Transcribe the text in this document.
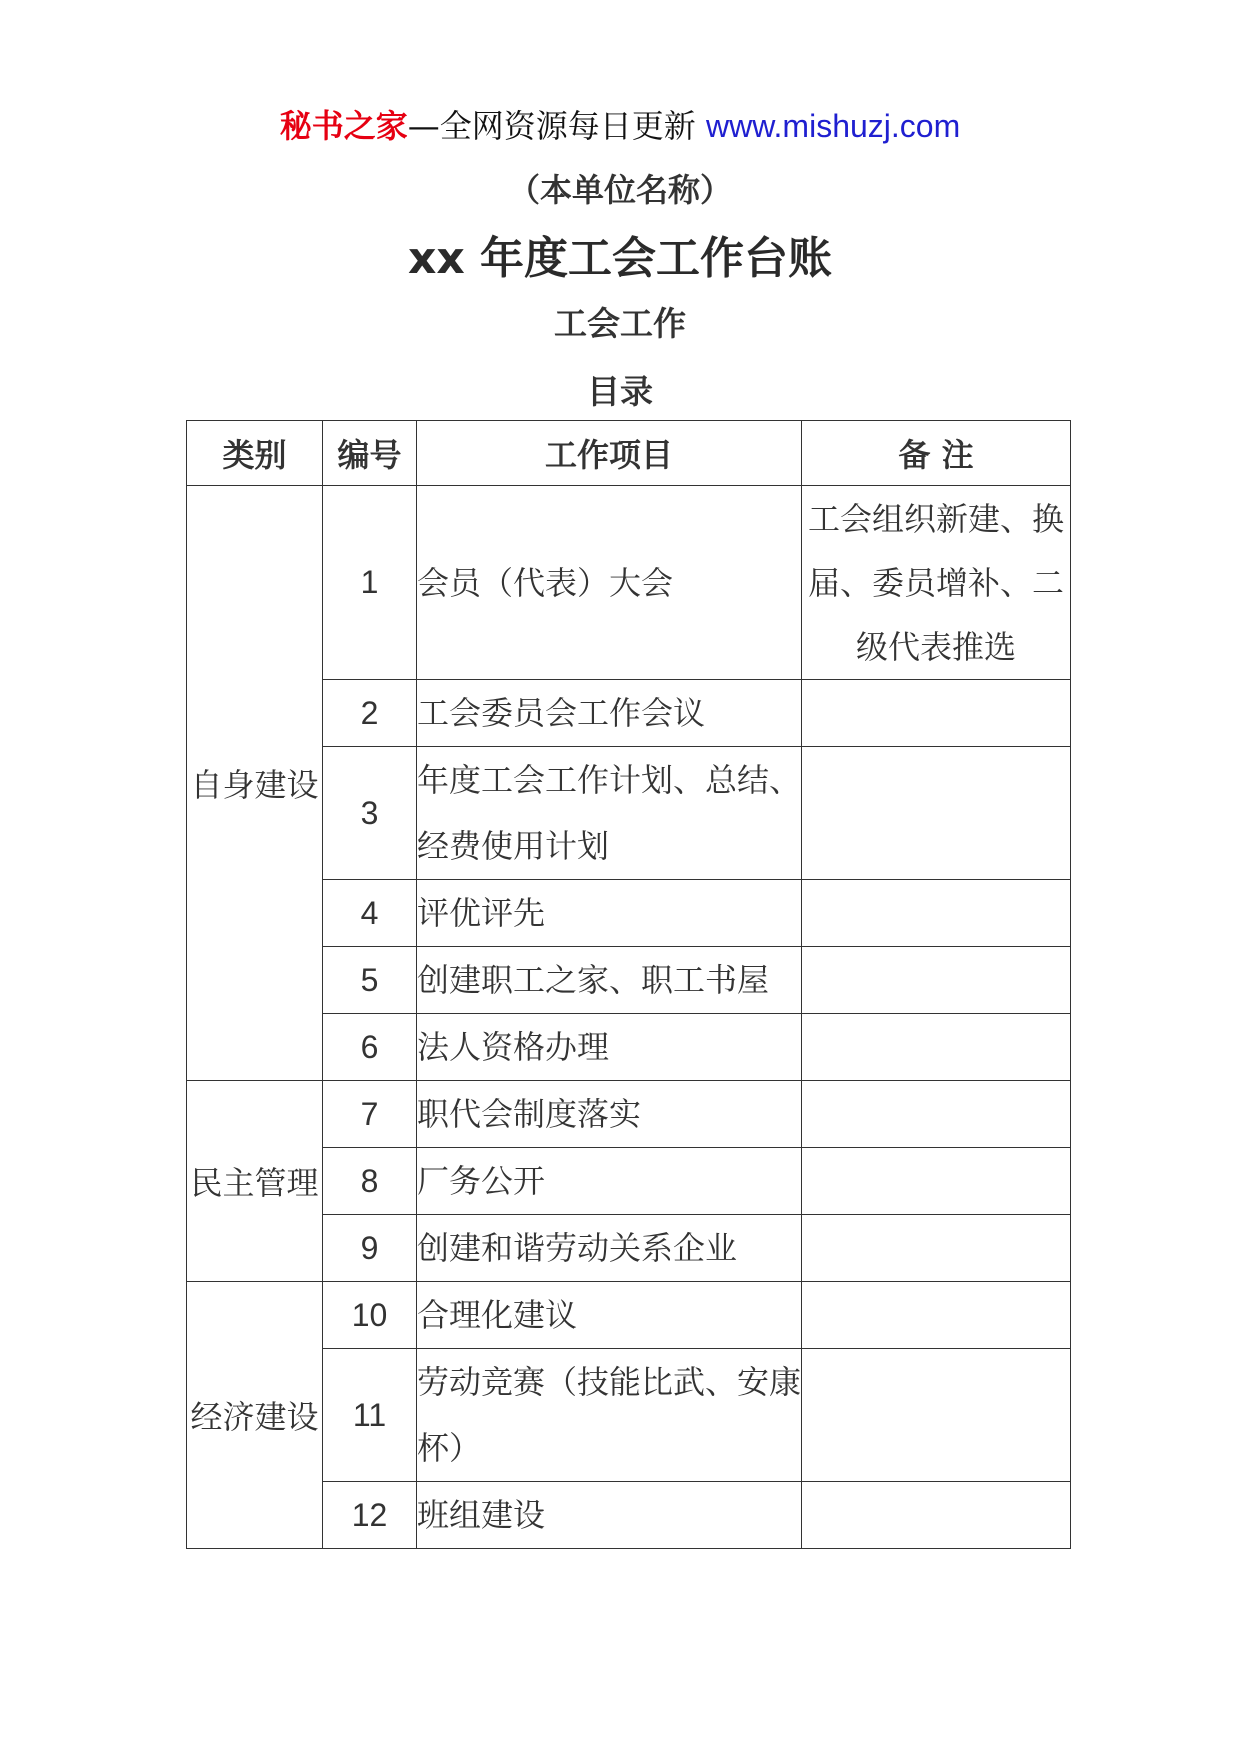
秘书之家—全网资源每日更新 www.mishuzj.com
（本单位名称）
xx 年度工会工作台账
工会工作
目录
类别	编号	工作项目	备 注
自身建设	1	会员（代表）大会	工会组织新建、换届、委员增补、二级代表推选
	2	工会委员会工作会议	
	3	年度工会工作计划、总结、经费使用计划	
	4	评优评先	
	5	创建职工之家、职工书屋	
	6	法人资格办理	
民主管理	7	职代会制度落实	
	8	厂务公开	
	9	创建和谐劳动关系企业	
经济建设	10	合理化建议	
	11	劳动竞赛（技能比武、安康杯）	
	12	班组建设	
